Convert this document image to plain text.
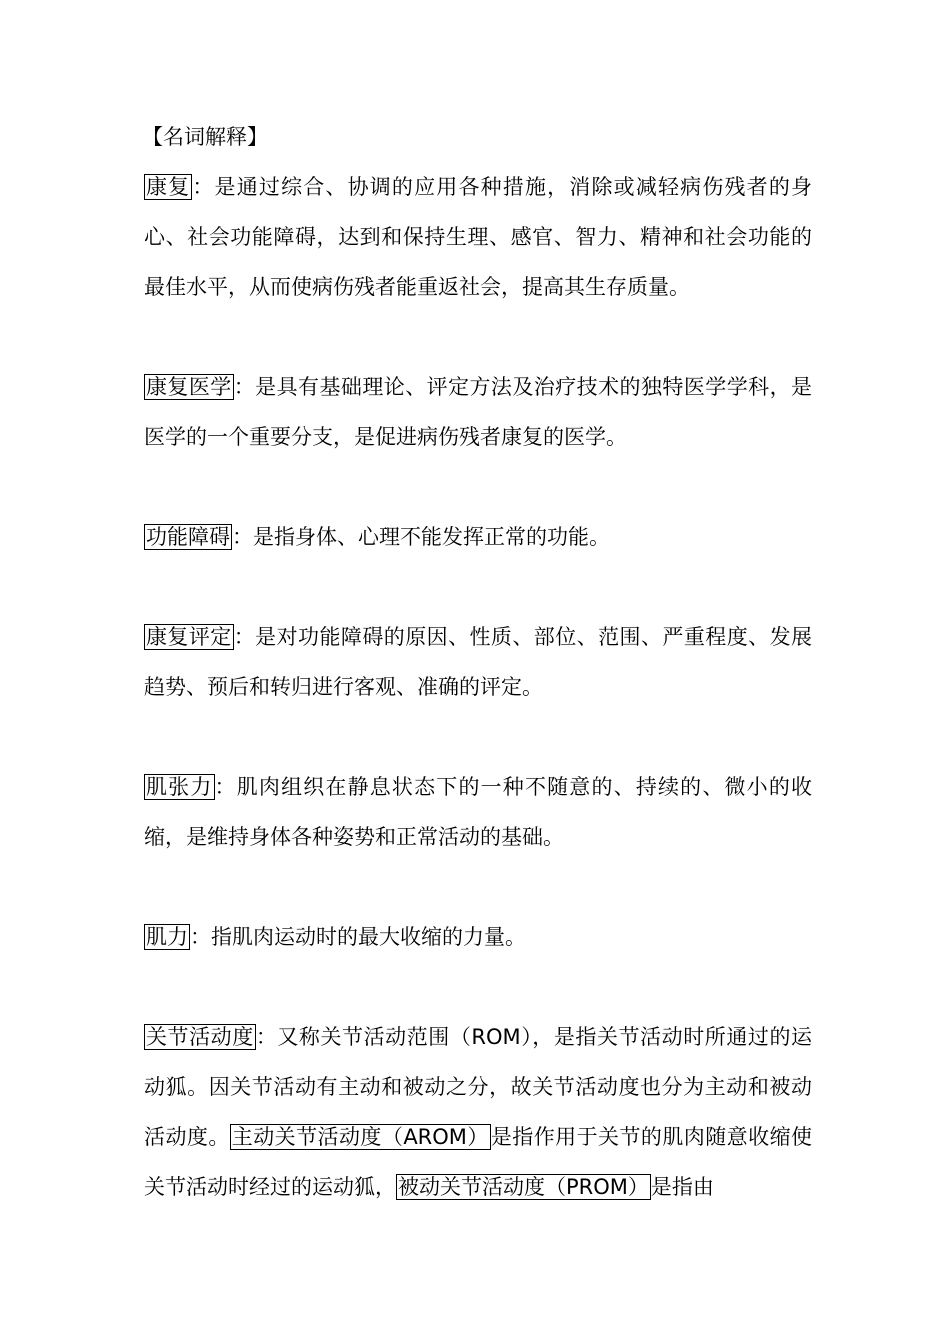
【名词解释】

康复：是通过综合、协调的应用各种措施，消除或减轻病伤残者的身心、社会功能障碍，达到和保持生理、感官、智力、精神和社会功能的最佳水平，从而使病伤残者能重返社会，提高其生存质量。

康复医学：是具有基础理论、评定方法及治疗技术的独特医学学科，是医学的一个重要分支，是促进病伤残者康复的医学。

功能障碍：是指身体、心理不能发挥正常的功能。

康复评定：是对功能障碍的原因、性质、部位、范围、严重程度、发展趋势、预后和转归进行客观、准确的评定。

肌张力：肌肉组织在静息状态下的一种不随意的、持续的、微小的收缩，是维持身体各种姿势和正常活动的基础。

肌力：指肌肉运动时的最大收缩的力量。

关节活动度：又称关节活动范围（ROM），是指关节活动时所通过的运动狐。因关节活动有主动和被动之分，故关节活动度也分为主动和被动活动度。主动关节活动度（AROM）是指作用于关节的肌肉随意收缩使关节活动时经过的运动狐，被动关节活动度（PROM）是指由
